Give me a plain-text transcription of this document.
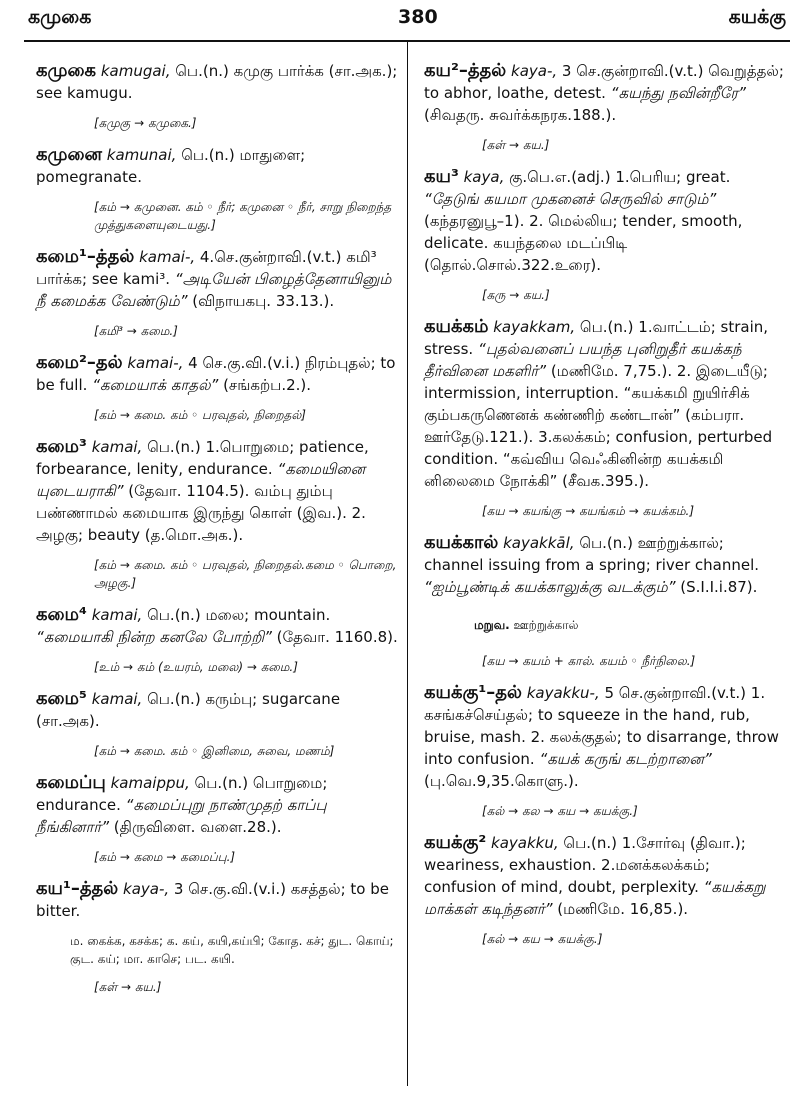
கமுகை	380	கயக்கு
கமுகை kamugai, பெ.(n.) கமுகு பார்க்க (சா.அக.); see kamugu.
[கமுகு → கமுகை.]
கமுனை kamunai, பெ.(n.) மாதுளை; pomegranate.
[கம் → கமுனை. கம் ◦ நீர்; கமுனை ◦ நீர், சாறு நிறைந்த முத்துகளையுடையது.]
கமை¹–த்தல் kamai-, 4.செ.குன்றாவி.(v.t.) கமி³ பார்க்க; see kami³. “அடியேன் பிழைத்தேனாயினும் நீ கமைக்க வேண்டும்” (விநாயகபு. 33.13.).
[கமி³ → கமை.]
கமை²–தல் kamai-, 4 செ.கு.வி.(v.i.) நிரம்புதல்; to be full. “கமையாக் காதல்” (சங்கற்ப.2.).
[கம் → கமை. கம் ◦ பரவுதல், நிறைதல்]
கமை³ kamai, பெ.(n.) 1.பொறுமை; patience, forbearance, lenity, endurance. “கமையினை யுடையராகி” (தேவா. 1104.5). வம்பு தும்பு பண்ணாமல் கமையாக இருந்து கொள் (இவ.). 2. அழகு; beauty (த.மொ.அக.).
[கம் → கமை. கம் ◦ பரவுதல், நிறைதல்.கமை ◦ பொறை, அழகு.]
கமை⁴ kamai, பெ.(n.) மலை; mountain. “கமையாகி நின்ற கனலே போற்றி” (தேவா. 1160.8).
[உம் → கம் (உயரம், மலை) → கமை.]
கமை⁵ kamai, பெ.(n.) கரும்பு; sugarcane (சா.அக).
[கம் → கமை. கம் ◦ இனிமை, சுவை, மணம்]
கமைப்பு kamaippu, பெ.(n.) பொறுமை; endurance. “கமைப்புறு நாண்முதற் காப்பு நீங்கினார்” (திருவிளை. வளை.28.).
[கம் → கமை → கமைப்பு.]
கய¹–த்தல் kaya-, 3 செ.கு.வி.(v.i.) கசத்தல்; to be bitter.
ம. கைக்க, கசக்க; க. கய், கயி,கய்பி; கோத. கச்; துட. கொய்; குட. கய்; மா. காசெ; பட. கயி.
[கள் → கய.]
கய²–த்தல் kaya-, 3 செ.குன்றாவி.(v.t.) வெறுத்தல்; to abhor, loathe, detest. “கயந்து நவின்றீரே” (சிவதரு. சுவர்க்கநரக.188.).
[கள் → கய.]
கய³ kaya, கு.பெ.எ.(adj.) 1.பெரிய; great. “தேடுங் கயமா முகனைச் செருவில் சாடும்” (கந்தரனுபூ–1). 2. மெல்லிய; tender, smooth, delicate. கயந்தலை மடப்பிடி (தொல்.சொல்.322.உரை).
[கரு → கய.]
கயக்கம் kayakkam, பெ.(n.) 1.வாட்டம்; strain, stress. “புதல்வனைப் பயந்த புனிறுதீர் கயக்கந் தீர்வினை மகளிர்” (மணிமே. 7,75.). 2. இடையீடு; intermission, interruption. “கயக்கமி றுயிர்சிக் கும்பகருணெனக் கண்ணிற் கண்டான்” (கம்பரா. ஊர்தேடு.121.). 3.கலக்கம்; confusion, perturbed condition. “கவ்விய வெஃகினின்ற கயக்கமி னிலைமை நோக்கி” (சீவக.395.).
[கய → கயங்கு → கயங்கம் → கயக்கம்.]
கயக்கால் kayakkāl, பெ.(n.) ஊற்றுக்கால்; channel issuing from a spring; river channel. “ஐம்பூண்டிக் கயக்காலுக்கு வடக்கும்” (S.I.I.i.87).
மறுவ. ஊற்றுக்கால்
[கய → கயம் + கால். கயம் ◦ நீர்நிலை.]
கயக்கு¹–தல் kayakku-, 5 செ.குன்றாவி.(v.t.) 1. கசங்கச்செய்தல்; to squeeze in the hand, rub, bruise, mash. 2. கலக்குதல்; to disarrange, throw into confusion. “கயக் கருங் கடற்றானை” (பு.வெ.9,35.கொளு.).
[கல் → கல → கய → கயக்கு.]
கயக்கு² kayakku, பெ.(n.) 1.சோர்வு (திவா.); weariness, exhaustion. 2.மனக்கலக்கம்; confusion of mind, doubt, perplexity. “கயக்கறு மாக்கள் கடிந்தனர்” (மணிமே. 16,85.).
[கல் → கய → கயக்கு.]
